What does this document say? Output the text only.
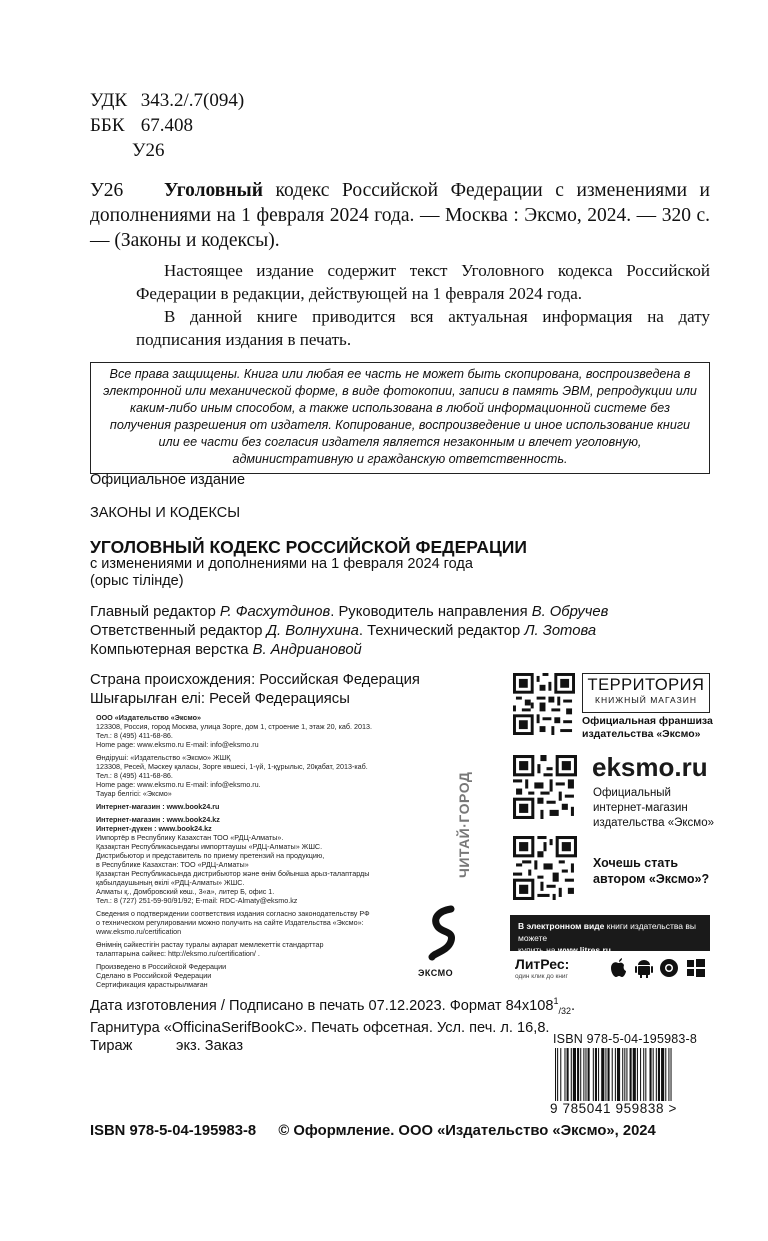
УДК 343.2/.7(094)
ББК 67.408
У26
У26	Уголовный кодекс Российской Федерации с изменениями и дополнениями на 1 февраля 2024 года. — Москва : Эксмо, 2024. — 320 с. — (Законы и кодексы).

Настоящее издание содержит текст Уголовного кодекса Российской Федерации в редакции, действующей на 1 февраля 2024 года.

В данной книге приводится вся актуальная информация на дату подписания издания в печать.

Все права защищены. Книга или любая ее часть не может быть скопирована, воспроизведена в электронной или механической форме, в виде фотокопии, записи в память ЭВМ, репродукции или каким-либо иным способом, а также использована в любой информационной системе без получения разрешения от издателя. Копирование, воспроизведение и иное использование книги или ее части без согласия издателя является незаконным и влечет уголовную, административную и гражданскую ответственность.
Официальное издание
ЗАКОНЫ И КОДЕКСЫ
УГОЛОВНЫЙ КОДЕКС РОССИЙСКОЙ ФЕДЕРАЦИИ
с изменениями и дополнениями на 1 февраля 2024 года
(орыс тілінде)
Главный редактор Р. Фасхутдинов. Руководитель направления В. Обручев
Ответственный редактор Д. Волнухина. Технический редактор Л. Зотова
Компьютерная верстка В. Андриановой
Страна происхождения: Российская Федерация
Шығарылған елі: Ресей Федерациясы
ООО «Издательство «Эксмо»
123308, Россия, город Москва, улица Зорге, дом 1, строение 1, этаж 20, каб. 2013.
Тел.: 8 (495) 411-68-86.
Home page: www.eksmo.ru E-mail: info@eksmo.ru
Өндіруші: «Издательство «Эксмо» ЖШҚ
123308, Ресей, Мәскеу қаласы, Зорге көшесі, 1-үй, 1-құрылыс, 20қабат, 2013-каб.
Тел.: 8 (495) 411-68-86.
Home page: www.eksmo.ru E-mail: info@eksmo.ru.
Тауар белгісі: «Эксмо»
Интернет-магазин : www.book24.ru
Интернет-магазин : www.book24.kz
Интернет-дүкен : www.book24.kz
Импортёр в Республику Казахстан ТОО «РДЦ-Алматы».
Қазақстан Республикасындағы импорттаушы «РДЦ-Алматы» ЖШС.
Дистрибьютор и представитель по приему претензий на продукцию,
в Республике Казахстан: ТОО «РДЦ-Алматы»
Қазақстан Республикасында дистрибьютор және өнім бойынша арыз-талаптарды
қабылдаушының өкілі «РДЦ-Алматы» ЖШС.
Алматы қ., Домбровский көш., 3«а», литер Б, офис 1.
Тел.: 8 (727) 251-59-90/91/92; E-mail: RDC-Almaty@eksmo.kz
Сведения о подтверждении соответствия издания согласно законодательству РФ
о техническом регулировании можно получить на сайте Издательства «Эксмо»:
www.eksmo.ru/certification
Өнімнің сәйкестігін растау туралы ақпарат мемлекеттік стандарттар
талаптарына сәйкес: http://eksmo.ru/certification/ .
Произведено в Российской Федерации
Сделано в Российской Федерации
Сертификация қарастырылмаған
ЧИТАЙ·ГОРОД
ТЕРРИТОРИЯ
КНИЖНЫЙ МАГАЗИН
Официальная франшиза
издательства «Эксмо»
eksmo.ru
Официальный
интернет-магазин
издательства «Эксмо»
Хочешь стать
автором «Эксмо»?
ЭКСМО
В электронном виде книги издательства вы можете
купить на www.litres.ru
ЛитРес:
один клик до книг
Дата изготовления / Подписано в печать 07.12.2023. Формат $84x108^1_{/32}$.
Гарнитура «OfficinaSerifBookC». Печать офсетная. Усл. печ. л. 16,8.
Тираж	экз. Заказ	ISBN 978-5-04-195983-8
9 785041 959838 >
ISBN 978-5-04-195983-8 © Оформление. ООО «Издательство «Эксмо», 2024
